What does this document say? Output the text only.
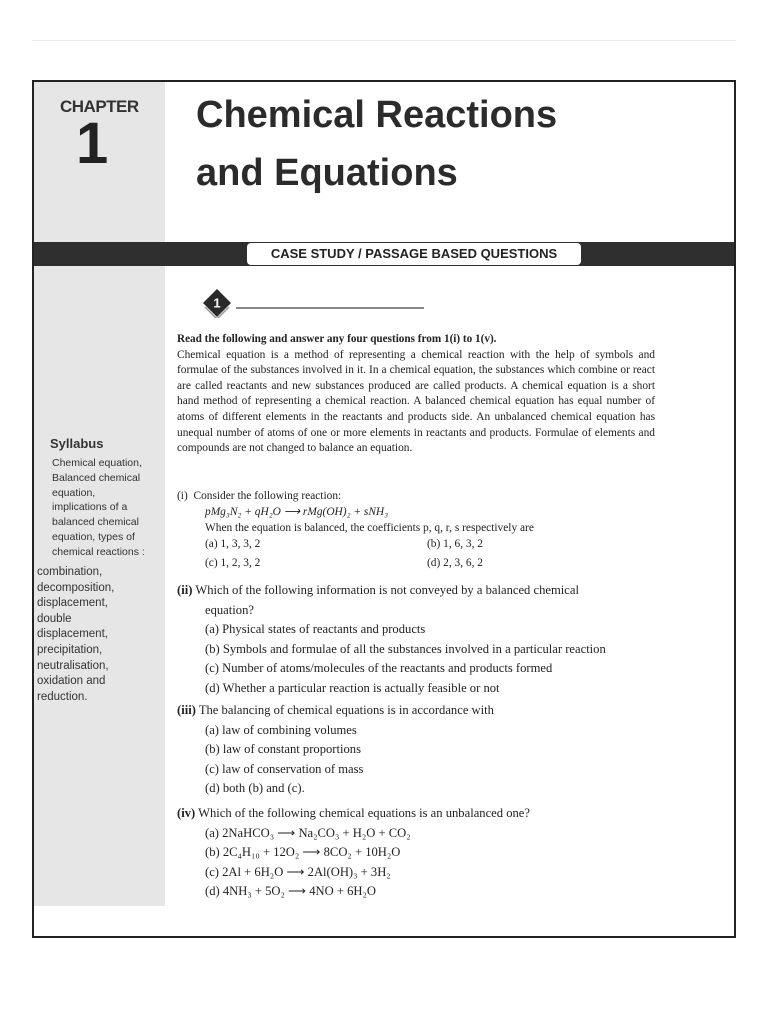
CHAPTER
1 Chemical Reactions
and Equations
CASE STUDY / PASSAGE BASED QUESTIONS
1
Syllabus
Chemical equation,
Balanced chemical
equation,
implications of a
balanced chemical
equation, types of
chemical reactions :
combination,
decomposition,
displacement,
double
displacement,
precipitation,
neutralisation,
oxidation and
reduction.
Read the following and answer any four questions from 1(i) to 1(v).
Chemical equation is a method of representing a chemical reaction with the help of symbols and formulae of the substances involved in it. In a chemical equation, the substances which combine or react are called reactants and new substances produced are called products. A chemical equation is a short hand method of representing a chemical reaction. A balanced chemical equation has equal number of atoms of different elements in the reactants and products side. An unbalanced chemical equation has unequal number of atoms of one or more elements in reactants and products. Formulae of elements and compounds are not changed to balance an equation.
(i) Consider the following reaction:
pMg₃N₂ + qH₂O ⟶ rMg(OH)₂ + sNH₃
When the equation is balanced, the coefficients p, q, r, s respectively are
(a) 1, 3, 3, 2	(b) 1, 6, 3, 2
(c) 1, 2, 3, 2	(d) 2, 3, 6, 2
(ii) Which of the following information is not conveyed by a balanced chemical
equation?
(a) Physical states of reactants and products
(b) Symbols and formulae of all the substances involved in a particular reaction
(c) Number of atoms/molecules of the reactants and products formed
(d) Whether a particular reaction is actually feasible or not
(iii) The balancing of chemical equations is in accordance with
(a) law of combining volumes
(b) law of constant proportions
(c) law of conservation of mass
(d) both (b) and (c).
(iv) Which of the following chemical equations is an unbalanced one?
(a) 2NaHCO₃ ⟶ Na₂CO₃ + H₂O + CO₂
(b) 2C₄H₁₀ + 12O₂ ⟶ 8CO₂ + 10H₂O
(c) 2Al + 6H₂O ⟶ 2Al(OH)₃ + 3H₂
(d) 4NH₃ + 5O₂ ⟶ 4NO + 6H₂O
